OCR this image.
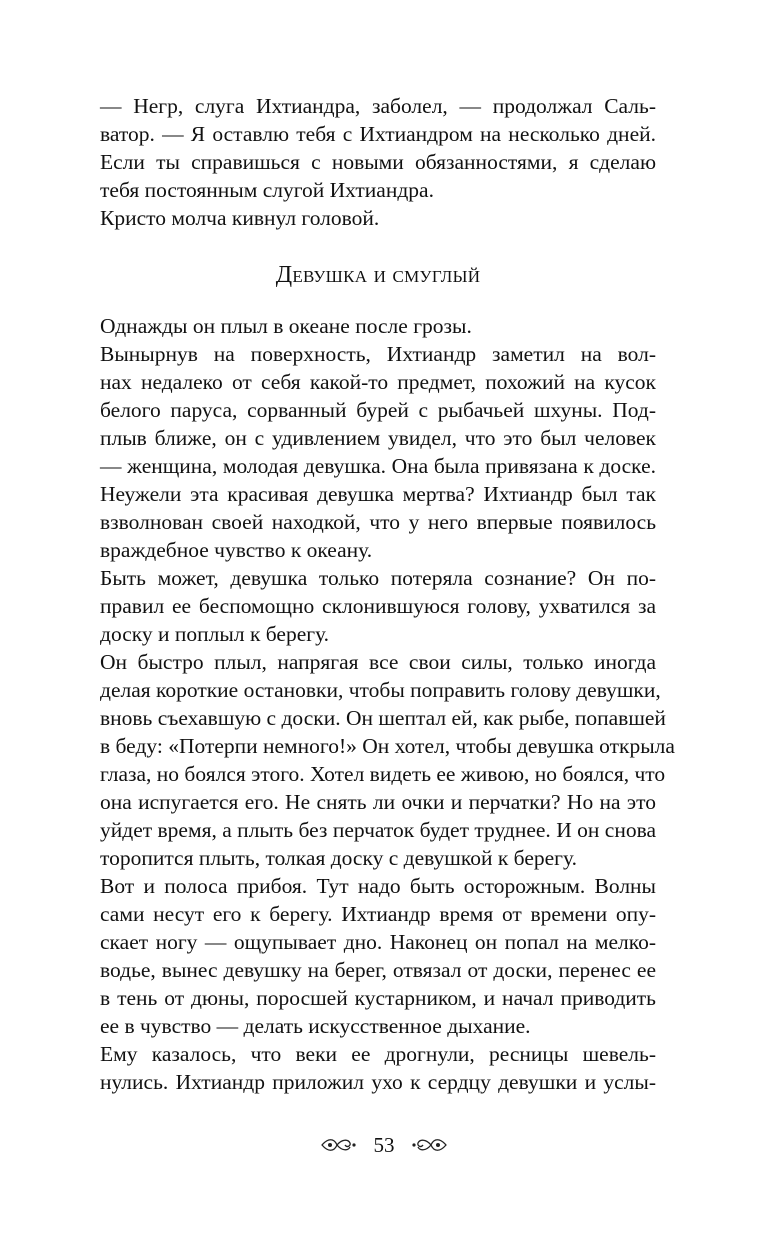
— Негр, слуга Ихтиандра, заболел, — продолжал Саль-
ватор. — Я оставлю тебя с Ихтиандром на несколько дней.
Если ты справишься с новыми обязанностями, я сделаю
тебя постоянным слугой Ихтиандра.
Кристо молча кивнул головой.
Девушка и смуглый
Однажды он плыл в океане после грозы.
Вынырнув на поверхность, Ихтиандр заметил на вол-
нах недалеко от себя какой-то предмет, похожий на кусок
белого паруса, сорванный бурей с рыбачьей шхуны. Под-
плыв ближе, он с удивлением увидел, что это был человек
— женщина, молодая девушка. Она была привязана к доске.
Неужели эта красивая девушка мертва? Ихтиандр был так
взволнован своей находкой, что у него впервые появилось
враждебное чувство к океану.
Быть может, девушка только потеряла сознание? Он по-
правил ее беспомощно склонившуюся голову, ухватился за
доску и поплыл к берегу.
Он быстро плыл, напрягая все свои силы, только иногда
делая короткие остановки, чтобы поправить голову девушки,
вновь съехавшую с доски. Он шептал ей, как рыбе, попавшей
в беду: «Потерпи немного!» Он хотел, чтобы девушка открыла
глаза, но боялся этого. Хотел видеть ее живою, но боялся, что
она испугается его. Не снять ли очки и перчатки? Но на это
уйдет время, а плыть без перчаток будет труднее. И он снова
торопится плыть, толкая доску с девушкой к берегу.
Вот и полоса прибоя. Тут надо быть осторожным. Волны
сами несут его к берегу. Ихтиандр время от времени опу-
скает ногу — ощупывает дно. Наконец он попал на мелко-
водье, вынес девушку на берег, отвязал от доски, перенес ее
в тень от дюны, поросшей кустарником, и начал приводить
ее в чувство — делать искусственное дыхание.
Ему казалось, что веки ее дрогнули, ресницы шевель-
нулись. Ихтиандр приложил ухо к сердцу девушки и услы-
53
